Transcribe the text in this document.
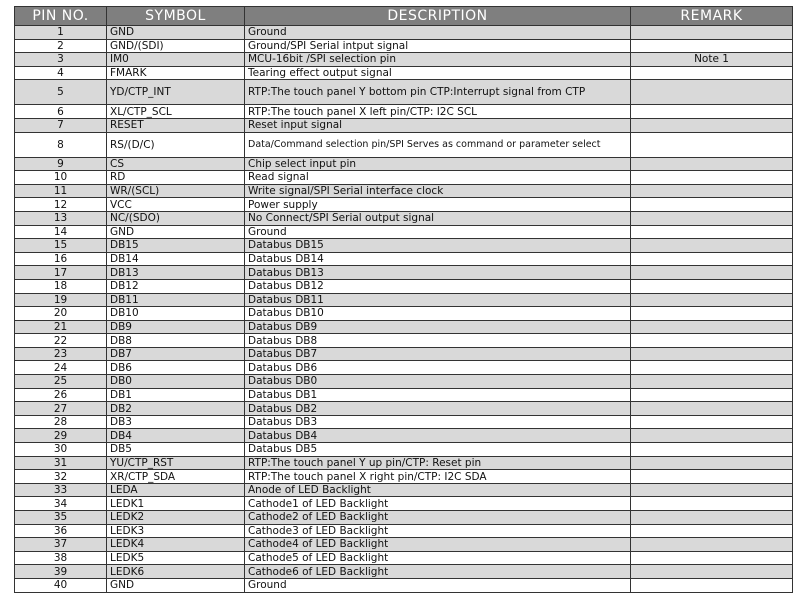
PIN NO.	SYMBOL	DESCRIPTION	REMARK
1	GND	Ground	
2	GND/(SDI)	Ground/SPI Serial intput signal	
3	IM0	MCU-16bit /SPI selection pin	Note 1
4	FMARK	Tearing effect output signal	
5	YD/CTP_INT	RTP:The touch panel Y bottom pin CTP:Interrupt signal from CTP	
6	XL/CTP_SCL	RTP:The touch panel X left pin/CTP: I2C SCL	
7	RESET	Reset input signal	
8	RS/(D/C)	Data/Command selection pin/SPI Serves as command or parameter select	
9	CS	Chip select input pin	
10	RD	Read signal	
11	WR/(SCL)	Write signal/SPI Serial interface clock	
12	VCC	Power supply	
13	NC/(SDO)	No Connect/SPI Serial output signal	
14	GND	Ground	
15	DB15	Databus DB15	
16	DB14	Databus DB14	
17	DB13	Databus DB13	
18	DB12	Databus DB12	
19	DB11	Databus DB11	
20	DB10	Databus DB10	
21	DB9	Databus DB9	
22	DB8	Databus DB8	
23	DB7	Databus DB7	
24	DB6	Databus DB6	
25	DB0	Databus DB0	
26	DB1	Databus DB1	
27	DB2	Databus DB2	
28	DB3	Databus DB3	
29	DB4	Databus DB4	
30	DB5	Databus DB5	
31	YU/CTP_RST	RTP:The touch panel Y up pin/CTP: Reset pin	
32	XR/CTP_SDA	RTP:The touch panel X right pin/CTP: I2C SDA	
33	LEDA	Anode of LED Backlight	
34	LEDK1	Cathode1 of LED Backlight	
35	LEDK2	Cathode2 of LED Backlight	
36	LEDK3	Cathode3 of LED Backlight	
37	LEDK4	Cathode4 of LED Backlight	
38	LEDK5	Cathode5 of LED Backlight	
39	LEDK6	Cathode6 of LED Backlight	
40	GND	Ground	
